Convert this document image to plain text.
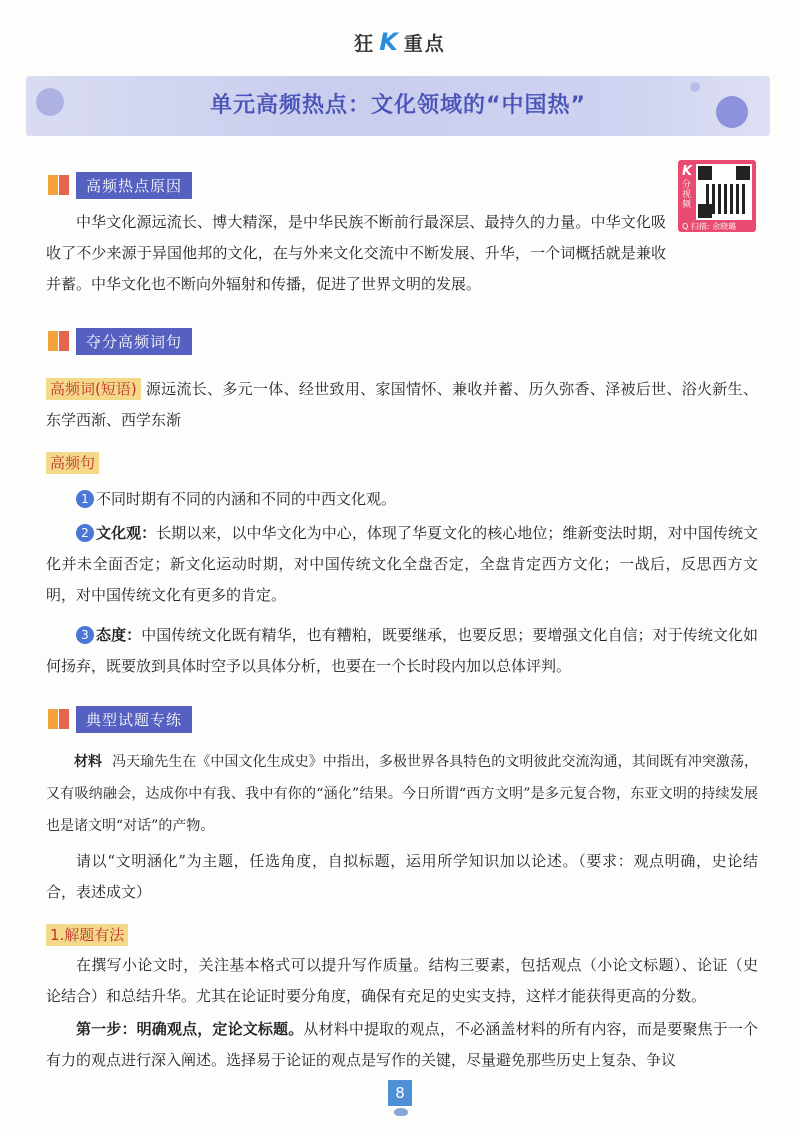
狂 K 重点
单元高频热点：文化领域的“中国热”
高频热点原因
K
分视频
Q 扫描: 余晓璐
中华文化源远流长、博大精深，是中华民族不断前行最深层、最持久的力量。中华文化吸收了不少来源于异国他邦的文化，在与外来文化交流中不断发展、升华，一个词概括就是兼收并蓄。中华文化也不断向外辐射和传播，促进了世界文明的发展。
夺分高频词句
高频词(短语) 源远流长、多元一体、经世致用、家国情怀、兼收并蓄、历久弥香、泽被后世、浴火新生、东学西渐、西学东渐
高频句
1 不同时期有不同的内涵和不同的中西文化观。
2 文化观：长期以来，以中华文化为中心，体现了华夏文化的核心地位；维新变法时期，对中国传统文化并未全面否定；新文化运动时期，对中国传统文化全盘否定，全盘肯定西方文化；一战后，反思西方文明，对中国传统文化有更多的肯定。
3 态度：中国传统文化既有精华，也有糟粕，既要继承，也要反思；要增强文化自信；对于传统文化如何扬弃，既要放到具体时空予以具体分析，也要在一个长时段内加以总体评判。
典型试题专练
材料 冯天瑜先生在《中国文化生成史》中指出，多极世界各具特色的文明彼此交流沟通，其间既有冲突激荡，又有吸纳融会，达成你中有我、我中有你的“涵化”结果。今日所谓“西方文明”是多元复合物，东亚文明的持续发展也是诸文明“对话”的产物。
请以“文明涵化”为主题，任选角度，自拟标题，运用所学知识加以论述。（要求：观点明确，史论结合，表述成文）
1.解题有法
在撰写小论文时，关注基本格式可以提升写作质量。结构三要素，包括观点（小论文标题）、论证（史论结合）和总结升华。尤其在论证时要分角度，确保有充足的史实支持，这样才能获得更高的分数。
第一步：明确观点，定论文标题。从材料中提取的观点，不必涵盖材料的所有内容，而是要聚焦于一个有力的观点进行深入阐述。选择易于论证的观点是写作的关键，尽量避免那些历史上复杂、争议
8
